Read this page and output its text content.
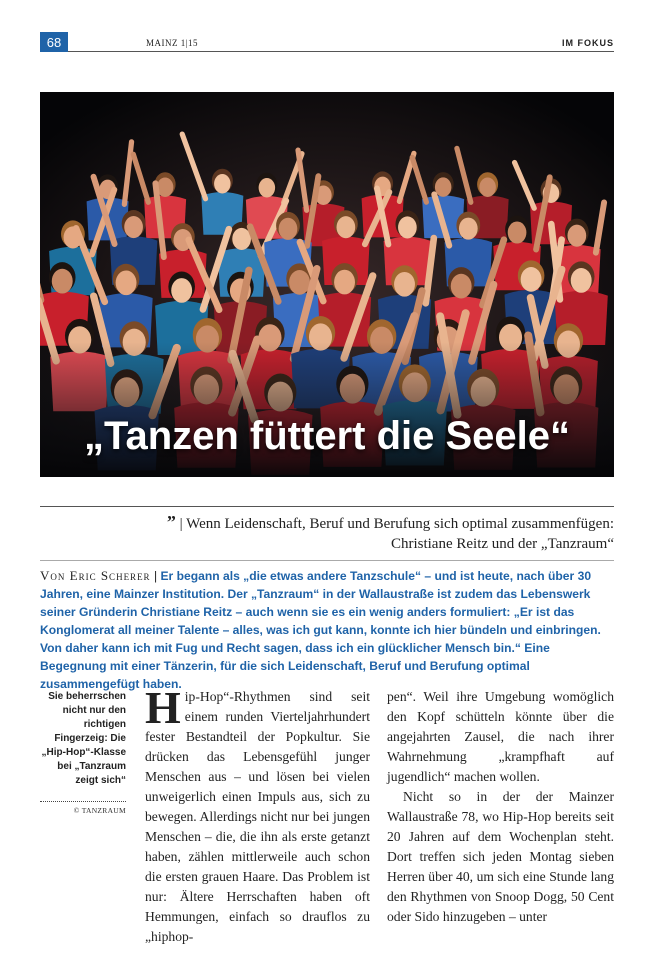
68	MAINZ 1|15	IM FOKUS
„Tanzen füttert die Seele“
” | Wenn Leidenschaft, Beruf und Berufung sich optimal zusammenfügen:
Christiane Reitz und der „Tanzraum“
Von Eric Scherer | Er begann als „die etwas andere Tanzschule“ – und ist heute, nach über 30 Jahren, eine Mainzer Institution. Der „Tanzraum“ in der Wallaustraße ist zudem das Lebenswerk seiner Gründerin Christiane Reitz – auch wenn sie es ein wenig anders formuliert: „Er ist das Konglomerat all meiner Talente – alles, was ich gut kann, konnte ich hier bündeln und einbringen. Von daher kann ich mit Fug und Recht sagen, dass ich ein glücklicher Mensch bin.“ Eine Begegnung mit einer Tänzerin, für die sich Leidenschaft, Beruf und Berufung optimal zusammengefügt haben.
Sie beherrschen nicht nur den richtigen Fingerzeig: Die „Hip-Hop“-Klasse bei „Tanzraum zeigt sich“
© TANZRAUM
H ip-Hop“-Rhythmen sind seit einem runden Vierteljahrhundert fester Bestandteil der Popkultur. Sie drücken das Lebensgefühl junger Menschen aus – und lösen bei vielen unweigerlich einen Impuls aus, sich zu bewegen. Allerdings nicht nur bei jungen Menschen – die, die ihn als erste getanzt haben, zählen mittlerweile auch schon die ersten grauen Haare. Das Problem ist nur: Ältere Herrschaften haben oft Hemmungen, einfach so drauflos zu „hiphop-

pen“. Weil ihre Umgebung womöglich den Kopf schütteln könnte über die angejahrten Zausel, die nach ihrer Wahrnehmung „krampfhaft auf jugendlich“ machen wollen.

Nicht so in der der Mainzer Wallaustraße 78, wo Hip-Hop bereits seit 20 Jahren auf dem Wochenplan steht. Dort treffen sich jeden Montag sieben Herren über 40, um sich eine Stunde lang den Rhythmen von Snoop Dogg, 50 Cent oder Sido hinzugeben – unter
